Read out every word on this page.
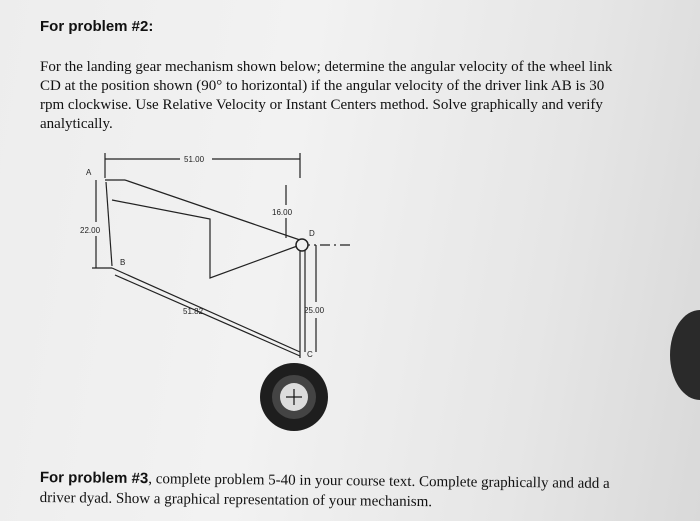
For problem #2:

For the landing gear mechanism shown below; determine the angular velocity of the wheel link

CD at the position shown (90° to horizontal) if the angular velocity of the driver link AB is 30

rpm clockwise. Use Relative Velocity or Instant Centers method. Solve graphically and verify

analytically.

A
B
C
D
51.00
16.00
22.00
25.00
51.82
For problem #3, complete problem 5-40 in your course text. Complete graphically and add a
driver dyad. Show a graphical representation of your mechanism.
